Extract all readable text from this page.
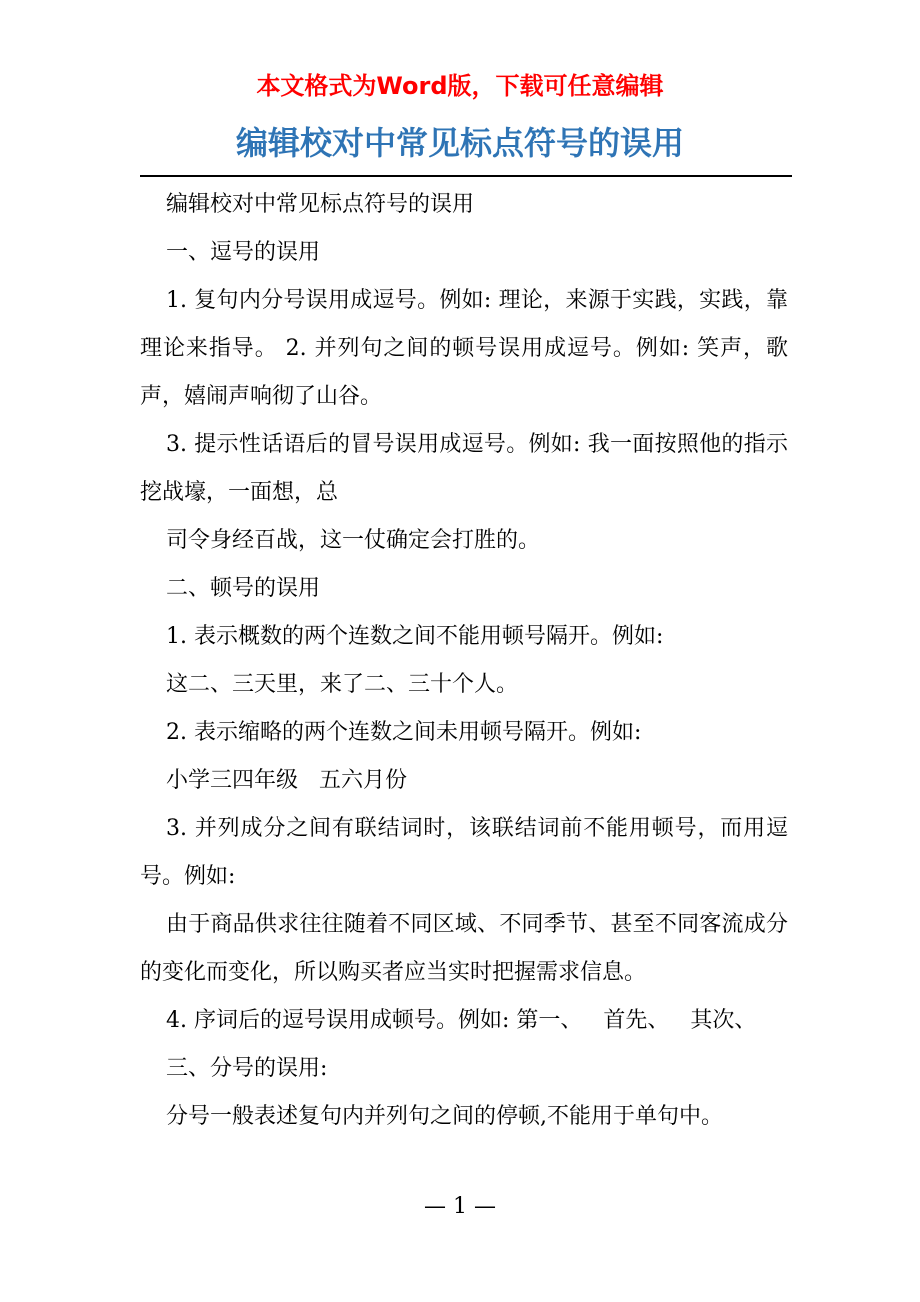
本文格式为Word版，下载可任意编辑
编辑校对中常见标点符号的误用

编辑校对中常见标点符号的误用

一、逗号的误用

1. 复句内分号误用成逗号。例如: 理论，来源于实践，实践，靠理论来指导。 2. 并列句之间的顿号误用成逗号。例如: 笑声，歌声，嬉闹声响彻了山谷。

3. 提示性话语后的冒号误用成逗号。例如: 我一面按照他的指示挖战壕，一面想，总

司令身经百战，这一仗确定会打胜的。

二、顿号的误用

1. 表示概数的两个连数之间不能用顿号隔开。例如:

这二、三天里，来了二、三十个人。

2. 表示缩略的两个连数之间未用顿号隔开。例如:

小学三四年级   五六月份

3. 并列成分之间有联结词时，该联结词前不能用顿号，而用逗号。例如:

由于商品供求往往随着不同区域、不同季节、甚至不同客流成分的变化而变化，所以购买者应当实时把握需求信息。

4. 序词后的逗号误用成顿号。例如: 第一、   首先、   其次、

三、分号的误用:

分号一般表述复句内并列句之间的停顿,不能用于单句中。

— 1 —
